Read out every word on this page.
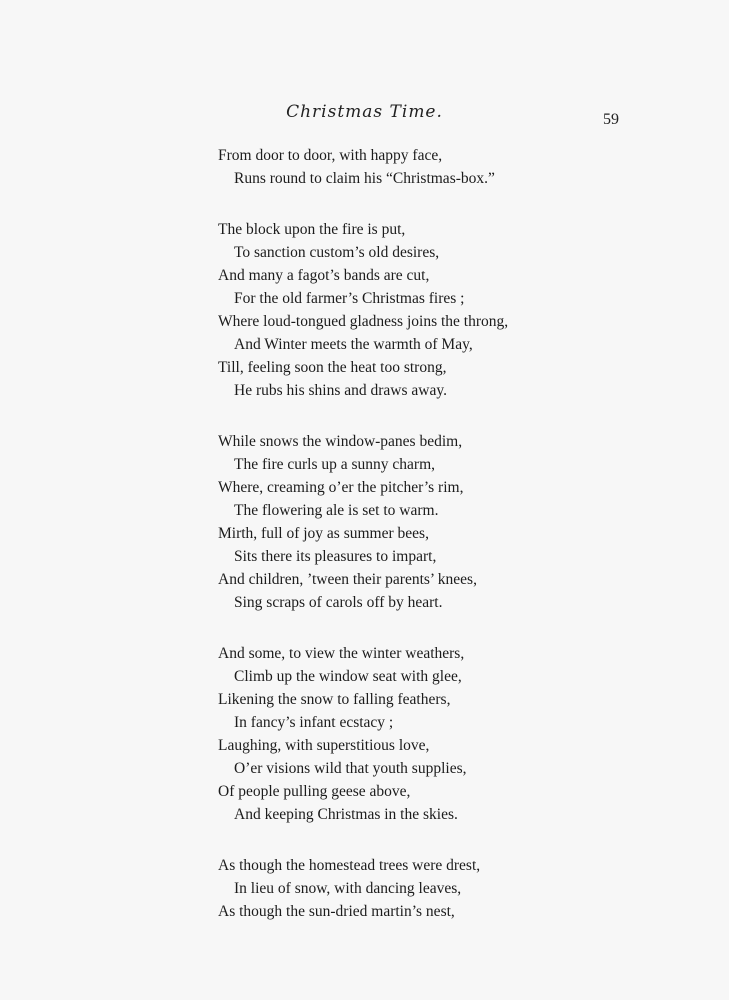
Christmas Time.	59
From door to door, with happy face,
Runs round to claim his “Christmas-box.”
The block upon the fire is put,
To sanction custom’s old desires,
And many a fagot’s bands are cut,
For the old farmer’s Christmas fires ;
Where loud-tongued gladness joins the throng,
And Winter meets the warmth of May,
Till, feeling soon the heat too strong,
He rubs his shins and draws away.
While snows the window-panes bedim,
The fire curls up a sunny charm,
Where, creaming o’er the pitcher’s rim,
The flowering ale is set to warm.
Mirth, full of joy as summer bees,
Sits there its pleasures to impart,
And children, ’tween their parents’ knees,
Sing scraps of carols off by heart.
And some, to view the winter weathers,
Climb up the window seat with glee,
Likening the snow to falling feathers,
In fancy’s infant ecstacy ;
Laughing, with superstitious love,
O’er visions wild that youth supplies,
Of people pulling geese above,
And keeping Christmas in the skies.
As though the homestead trees were drest,
In lieu of snow, with dancing leaves,
As though the sun-dried martin’s nest,
